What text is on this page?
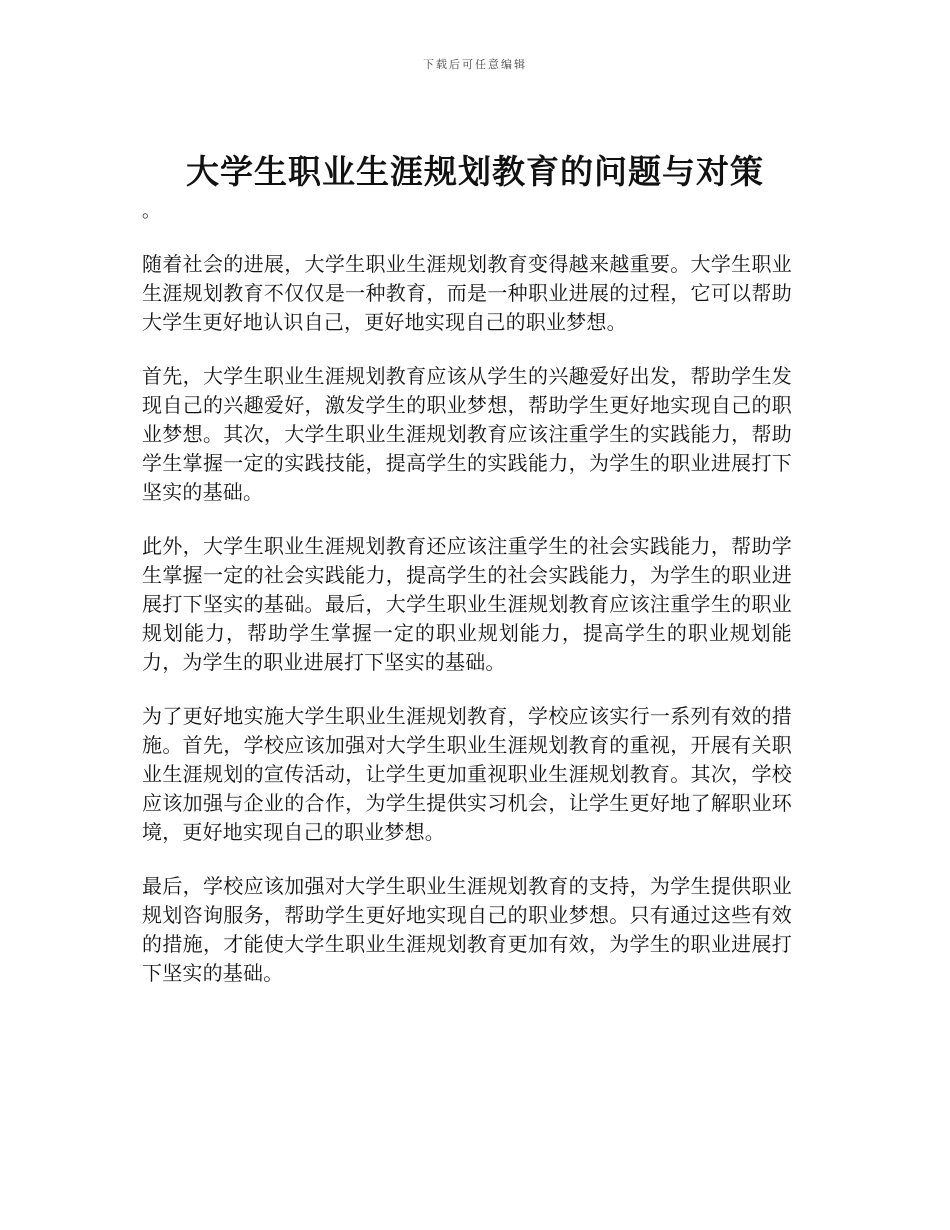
下载后可任意编辑
大学生职业生涯规划教育的问题与对策
。

随着社会的进展，大学生职业生涯规划教育变得越来越重要。大学生职业生涯规划教育不仅仅是一种教育，而是一种职业进展的过程，它可以帮助大学生更好地认识自己，更好地实现自己的职业梦想。

首先，大学生职业生涯规划教育应该从学生的兴趣爱好出发，帮助学生发现自己的兴趣爱好，激发学生的职业梦想，帮助学生更好地实现自己的职业梦想。其次，大学生职业生涯规划教育应该注重学生的实践能力，帮助学生掌握一定的实践技能，提高学生的实践能力，为学生的职业进展打下坚实的基础。

此外，大学生职业生涯规划教育还应该注重学生的社会实践能力，帮助学生掌握一定的社会实践能力，提高学生的社会实践能力，为学生的职业进展打下坚实的基础。最后，大学生职业生涯规划教育应该注重学生的职业规划能力，帮助学生掌握一定的职业规划能力，提高学生的职业规划能力，为学生的职业进展打下坚实的基础。

为了更好地实施大学生职业生涯规划教育，学校应该实行一系列有效的措施。首先，学校应该加强对大学生职业生涯规划教育的重视，开展有关职业生涯规划的宣传活动，让学生更加重视职业生涯规划教育。其次，学校应该加强与企业的合作，为学生提供实习机会，让学生更好地了解职业环境，更好地实现自己的职业梦想。

最后，学校应该加强对大学生职业生涯规划教育的支持，为学生提供职业规划咨询服务，帮助学生更好地实现自己的职业梦想。只有通过这些有效的措施，才能使大学生职业生涯规划教育更加有效，为学生的职业进展打下坚实的基础。
